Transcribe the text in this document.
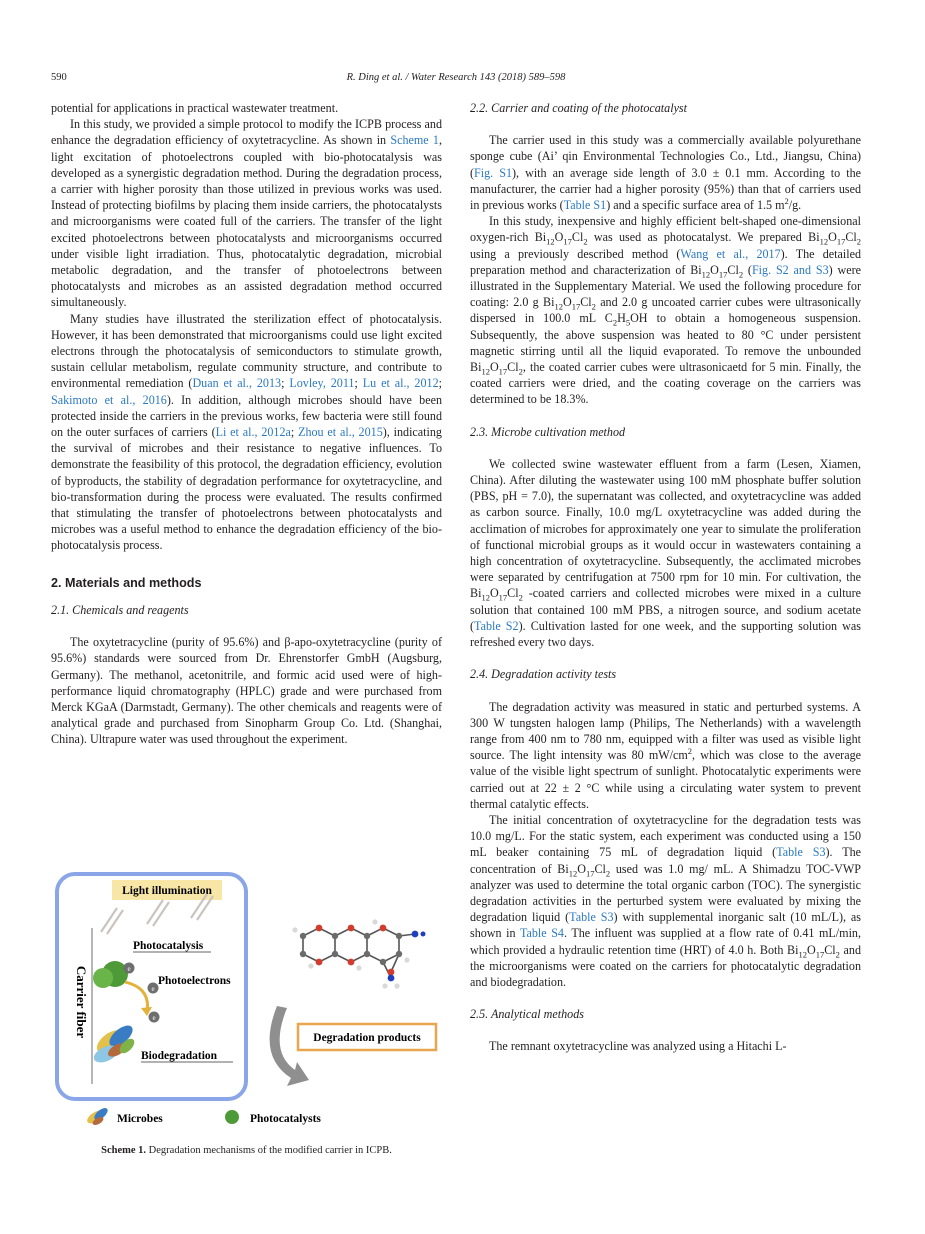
590	R. Ding et al. / Water Research 143 (2018) 589–598

potential for applications in practical wastewater treatment.

In this study, we provided a simple protocol to modify the ICPB process and enhance the degradation efficiency of oxytetracycline. As shown in Scheme 1, light excitation of photoelectrons coupled with bio-photocatalysis was developed as a synergistic degradation method. During the degradation process, a carrier with higher porosity than those utilized in previous works was used. Instead of protecting biofilms by placing them inside carriers, the photocatalysts and microorganisms were coated full of the carriers. The transfer of the light excited photoelectrons between photocatalysts and microorganisms occurred under visible light irradiation. Thus, photocatalytic degradation, microbial metabolic degradation, and the transfer of photoelectrons between photocatalysts and microbes as an assisted degradation method occurred simultaneously.

Many studies have illustrated the sterilization effect of photocatalysis. However, it has been demonstrated that microorganisms could use light excited electrons through the photocatalysis of semiconductors to stimulate growth, sustain cellular metabolism, regulate community structure, and contribute to environmental remediation (Duan et al., 2013; Lovley, 2011; Lu et al., 2012; Sakimoto et al., 2016). In addition, although microbes should have been protected inside the carriers in the previous works, few bacteria were still found on the outer surfaces of carriers (Li et al., 2012a; Zhou et al., 2015), indicating the survival of microbes and their resistance to negative influences. To demonstrate the feasibility of this protocol, the degradation efficiency, evolution of byproducts, the stability of degradation performance for oxytetracycline, and bio-transformation during the process were evaluated. The results confirmed that stimulating the transfer of photoelectrons between photocatalysts and microbes was a useful method to enhance the degradation efficiency of the bio-photocatalysis process.

2. Materials and methods
2.1. Chemicals and reagents

The oxytetracycline (purity of 95.6%) and β-apo-oxytetracycline (purity of 95.6%) standards were sourced from Dr. Ehrenstorfer GmbH (Augsburg, Germany). The methanol, acetonitrile, and formic acid used were of high-performance liquid chromatography (HPLC) grade and were purchased from Merck KGaA (Darmstadt, Germany). The other chemicals and reagents were of analytical grade and purchased from Sinopharm Group Co. Ltd. (Shanghai, China). Ultrapure water was used throughout the experiment.

Light illumination
Carrier fiber	e
Photocatalysis
Photoelectrons
e
e
Biodegradation
Degradation products
Microbes	Photocatalysts
Scheme 1. Degradation mechanisms of the modified carrier in ICPB.
2.2. Carrier and coating of the photocatalyst

The carrier used in this study was a commercially available polyurethane sponge cube (Ai’ qin Environmental Technologies Co., Ltd., Jiangsu, China) (Fig. S1), with an average side length of 3.0 ± 0.1 mm. According to the manufacturer, the carrier had a higher porosity (95%) than that of carriers used in previous works (Table S1) and a specific surface area of 1.5 $m^2/g$.

In this study, inexpensive and highly efficient belt-shaped one-dimensional oxygen-rich $Bi_{12}O_{17}Cl_2$ was used as photocatalyst. We prepared $Bi_{12}O_{17}Cl_2$ using a previously described method (Wang et al., 2017). The detailed preparation method and characterization of $Bi_{12}O_{17}Cl_2$ (Fig. S2 and S3) were illustrated in the Supplementary Material. We used the following procedure for coating: 2.0 g $Bi_{12}O_{17}Cl_2$ and 2.0 g uncoated carrier cubes were ultrasonically dispersed in 100.0 mL $C_2H_5OH$ to obtain a homogeneous suspension. Subsequently, the above suspension was heated to 80 °C under persistent magnetic stirring until all the liquid evaporated. To remove the unbounded $Bi_{12}O_{17}Cl_2$, the coated carrier cubes were ultrasonicaetd for 5 min. Finally, the coated carriers were dried, and the coating coverage on the carriers was determined to be 18.3%.

2.3. Microbe cultivation method

We collected swine wastewater effluent from a farm (Lesen, Xiamen, China). After diluting the wastewater using 100 mM phosphate buffer solution (PBS, pH = 7.0), the supernatant was collected, and oxytetracycline was added as carbon source. Finally, 10.0 mg/L oxytetracycline was added during the acclimation of microbes for approximately one year to simulate the proliferation of functional microbial groups as it would occur in wastewaters containing a high concentration of oxytetracycline. Subsequently, the acclimated microbes were separated by centrifugation at 7500 rpm for 10 min. For cultivation, the $Bi_{12}O_{17}Cl_2$ -coated carriers and collected microbes were mixed in a culture solution that contained 100 mM PBS, a nitrogen source, and sodium acetate (Table S2). Cultivation lasted for one week, and the supporting solution was refreshed every two days.

2.4. Degradation activity tests

The degradation activity was measured in static and perturbed systems. A 300 W tungsten halogen lamp (Philips, The Netherlands) with a wavelength range from 400 nm to 780 nm, equipped with a filter was used as visible light source. The light intensity was 80 $mW/cm^2$, which was close to the average value of the visible light spectrum of sunlight. Photocatalytic experiments were carried out at 22 ± 2 °C while using a circulating water system to prevent thermal catalytic effects.

The initial concentration of oxytetracycline for the degradation tests was 10.0 mg/L. For the static system, each experiment was conducted using a 150 mL beaker containing 75 mL of degradation liquid (Table S3). The concentration of $Bi_{12}O_{17}Cl_2$ used was 1.0 mg/ mL. A Shimadzu TOC-VWP analyzer was used to determine the total organic carbon (TOC). The synergistic degradation activities in the perturbed system were evaluated by mixing the degradation liquid (Table S3) with supplemental inorganic salt (10 mL/L), as shown in Table S4. The influent was supplied at a flow rate of 0.41 mL/min, which provided a hydraulic retention time (HRT) of 4.0 h. Both $Bi_{12}O_{17}Cl_2$ and the microorganisms were coated on the carriers for photocatalytic degradation and biodegradation.

2.5. Analytical methods

The remnant oxytetracycline was analyzed using a Hitachi L-
